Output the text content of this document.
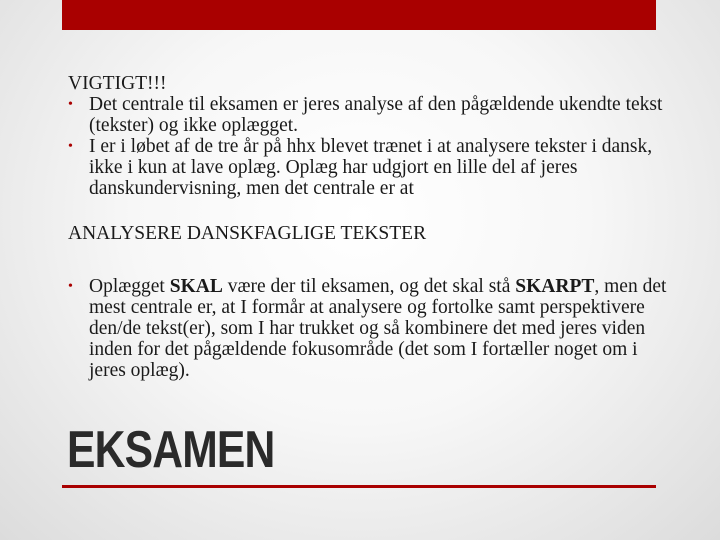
VIGTIGT!!!

• Det centrale til eksamen er jeres analyse af den pågældende ukendte tekst (tekster) og ikke oplægget.
• I er i løbet af de tre år på hhx blevet trænet i at analysere tekster i dansk, ikke i kun at lave oplæg. Oplæg har udgjort en lille del af jeres danskundervisning, men det centrale er at

ANALYSERE DANSKFAGLIGE TEKSTER

• Oplægget SKAL være der til eksamen, og det skal stå SKARPT, men det mest centrale er, at I formår at analysere og fortolke samt perspektivere den/de tekst(er), som I har trukket og så kombinere det med jeres viden inden for det pågældende fokusområde (det som I fortæller noget om i jeres oplæg).
EKSAMEN
